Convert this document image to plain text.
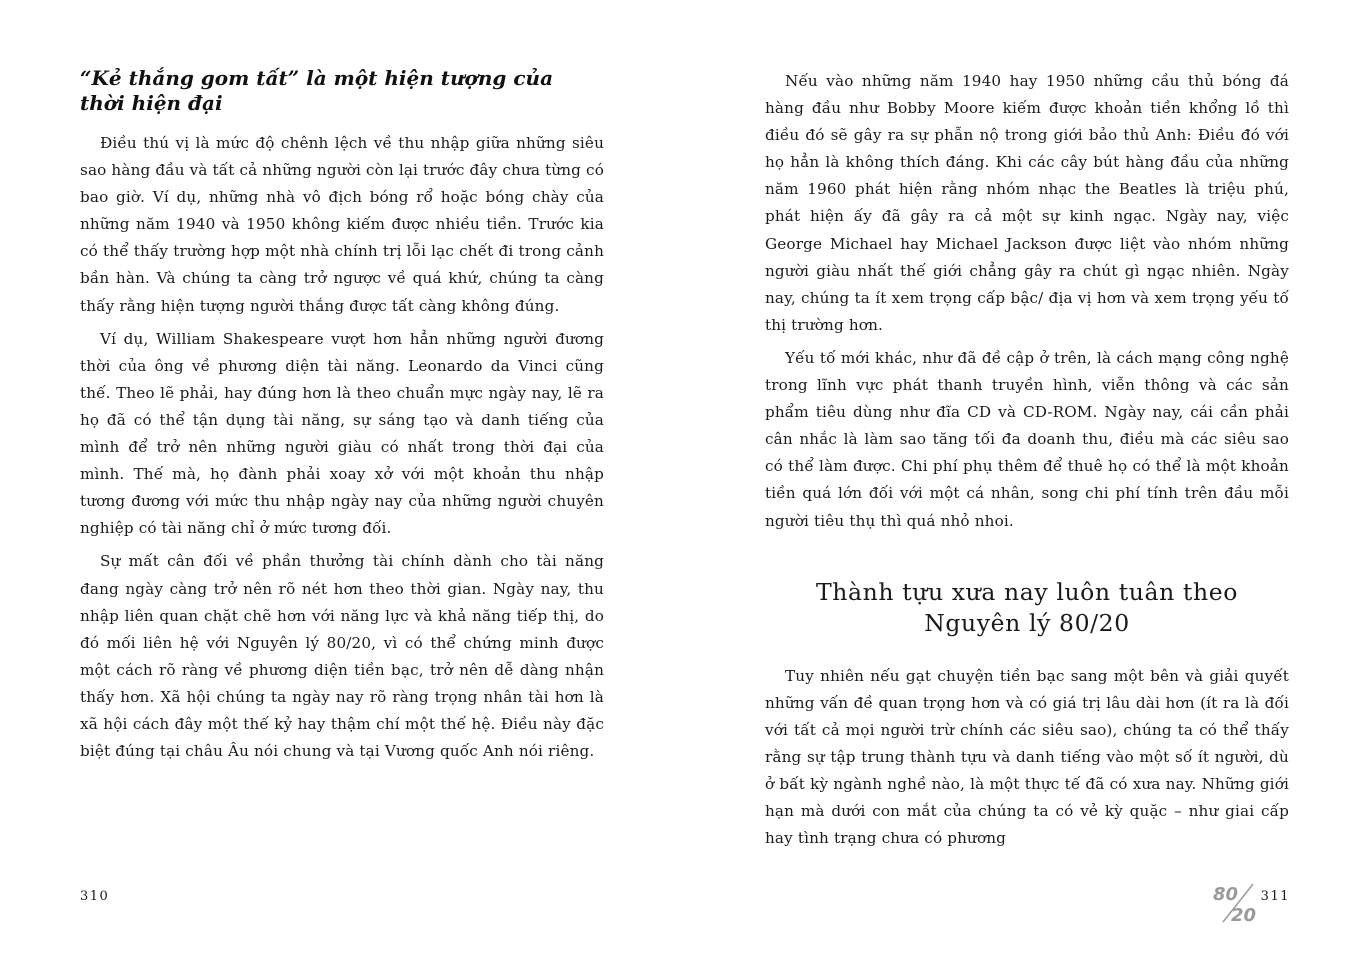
“Kẻ thắng gom tất” là một hiện tượng của thời hiện đại

Điều thú vị là mức độ chênh lệch về thu nhập giữa những siêu sao hàng đầu và tất cả những người còn lại trước đây chưa từng có bao giờ. Ví dụ, những nhà vô địch bóng rổ hoặc bóng chày của những năm 1940 và 1950 không kiếm được nhiều tiền. Trước kia có thể thấy trường hợp một nhà chính trị lỗi lạc chết đi trong cảnh bần hàn. Và chúng ta càng trở ngược về quá khứ, chúng ta càng thấy rằng hiện tượng người thắng được tất càng không đúng.

Ví dụ, William Shakespeare vượt hơn hẳn những người đương thời của ông về phương diện tài năng. Leonardo da Vinci cũng thế. Theo lẽ phải, hay đúng hơn là theo chuẩn mực ngày nay, lẽ ra họ đã có thể tận dụng tài năng, sự sáng tạo và danh tiếng của mình để trở nên những người giàu có nhất trong thời đại của mình. Thế mà, họ đành phải xoay xở với một khoản thu nhập tương đương với mức thu nhập ngày nay của những người chuyên nghiệp có tài năng chỉ ở mức tương đối.

Sự mất cân đối về phần thưởng tài chính dành cho tài năng đang ngày càng trở nên rõ nét hơn theo thời gian. Ngày nay, thu nhập liên quan chặt chẽ hơn với năng lực và khả năng tiếp thị, do đó mối liên hệ với Nguyên lý 80/20, vì có thể chứng minh được một cách rõ ràng về phương diện tiền bạc, trở nên dễ dàng nhận thấy hơn. Xã hội chúng ta ngày nay rõ ràng trọng nhân tài hơn là xã hội cách đây một thế kỷ hay thậm chí một thế hệ. Điều này đặc biệt đúng tại châu Âu nói chung và tại Vương quốc Anh nói riêng.

310

Nếu vào những năm 1940 hay 1950 những cầu thủ bóng đá hàng đầu như Bobby Moore kiếm được khoản tiền khổng lồ thì điều đó sẽ gây ra sự phẫn nộ trong giới bảo thủ Anh: Điều đó với họ hẳn là không thích đáng. Khi các cây bút hàng đầu của những năm 1960 phát hiện rằng nhóm nhạc the Beatles là triệu phú, phát hiện ấy đã gây ra cả một sự kinh ngạc. Ngày nay, việc George Michael hay Michael Jackson được liệt vào nhóm những người giàu nhất thế giới chẳng gây ra chút gì ngạc nhiên. Ngày nay, chúng ta ít xem trọng cấp bậc/ địa vị hơn và xem trọng yếu tố thị trường hơn.

Yếu tố mới khác, như đã đề cập ở trên, là cách mạng công nghệ trong lĩnh vực phát thanh truyền hình, viễn thông và các sản phẩm tiêu dùng như đĩa CD và CD-ROM. Ngày nay, cái cần phải cân nhắc là làm sao tăng tối đa doanh thu, điều mà các siêu sao có thể làm được. Chi phí phụ thêm để thuê họ có thể là một khoản tiền quá lớn đối với một cá nhân, song chi phí tính trên đầu mỗi người tiêu thụ thì quá nhỏ nhoi.

Thành tựu xưa nay luôn tuân theo
Nguyên lý 80/20

Tuy nhiên nếu gạt chuyện tiền bạc sang một bên và giải quyết những vấn đề quan trọng hơn và có giá trị lâu dài hơn (ít ra là đối với tất cả mọi người trừ chính các siêu sao), chúng ta có thể thấy rằng sự tập trung thành tựu và danh tiếng vào một số ít người, dù ở bất kỳ ngành nghề nào, là một thực tế đã có xưa nay. Những giới hạn mà dưới con mắt của chúng ta có vẻ kỳ quặc – như giai cấp hay tình trạng chưa có phương

80
20
311
